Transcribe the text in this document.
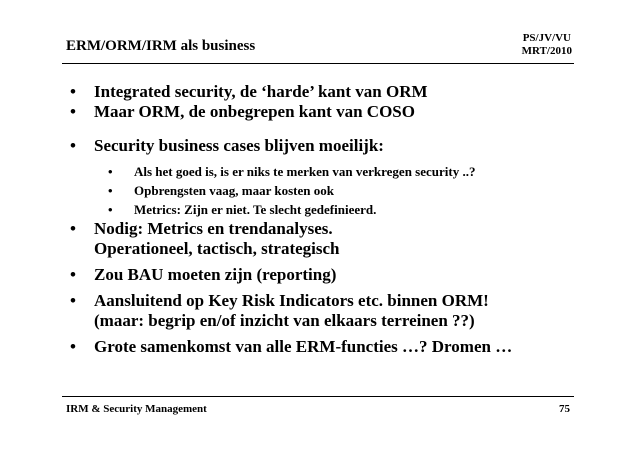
ERM/ORM/IRM als business	PS/JV/VU
MRT/2010
• Integrated security, de ‘harde’ kant van ORM
• Maar ORM, de onbegrepen kant van COSO
• Security business cases blijven moeilijk:
• Als het goed is, is er niks te merken van verkregen security ..?
• Opbrengsten vaag, maar kosten ook
• Metrics: Zijn er niet. Te slecht gedefinieerd.
• Nodig: Metrics en trendanalyses.
Operationeel, tactisch, strategisch
• Zou BAU moeten zijn (reporting)
• Aansluitend op Key Risk Indicators etc. binnen ORM!
(maar: begrip en/of inzicht van elkaars terreinen ??)
• Grote samenkomst van alle ERM-functies …? Dromen …
IRM & Security Management	75
